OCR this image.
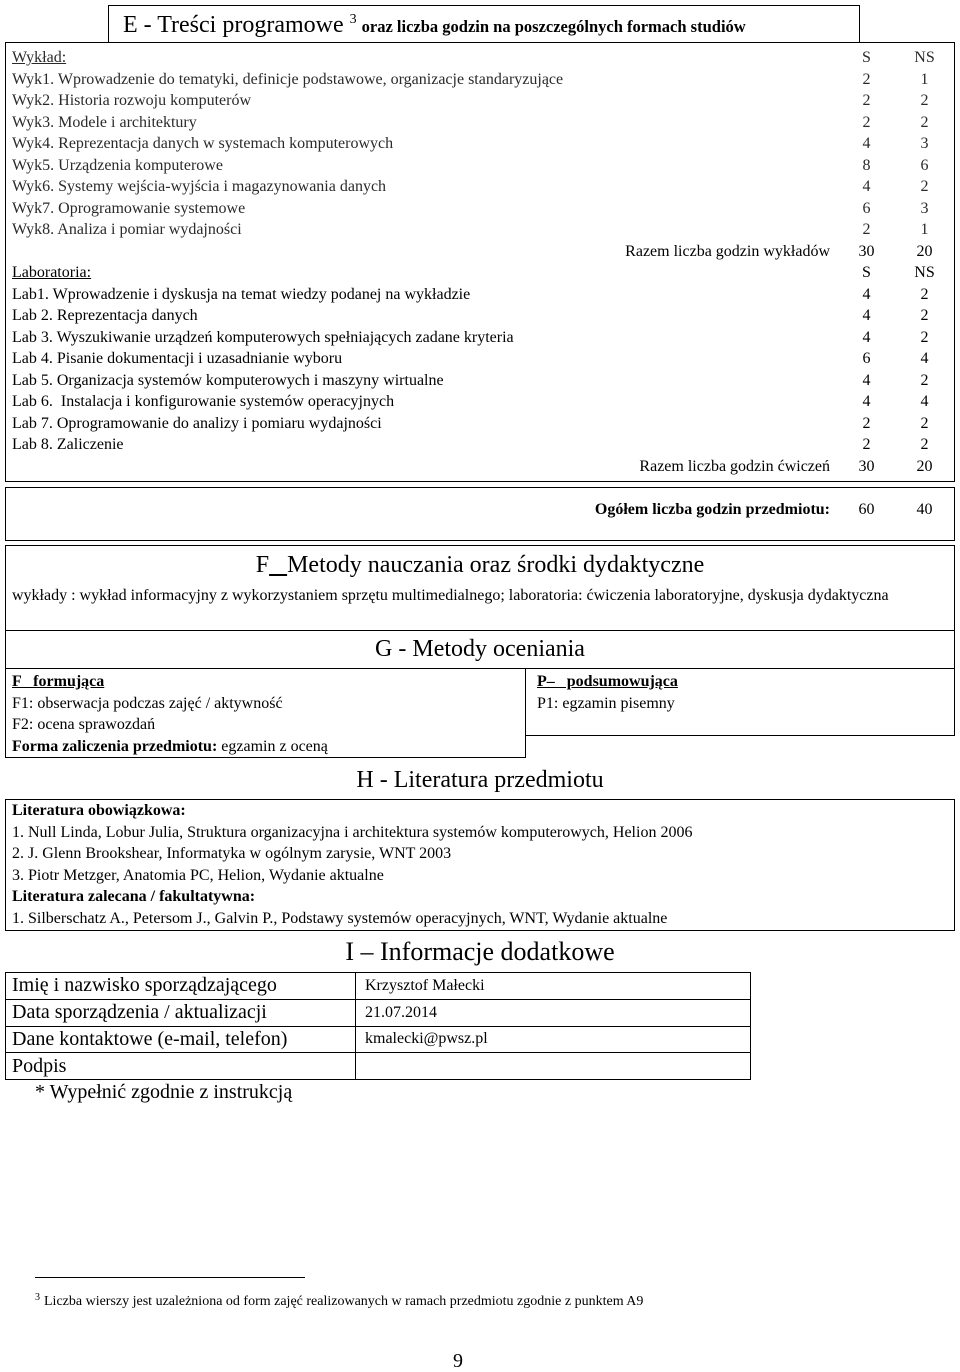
E - Treści programowe 3 oraz liczba godzin na poszczególnych formach studiów
Wykład:	S	NS
Wyk1. Wprowadzenie do tematyki, definicje podstawowe, organizacje standaryzujące	2	1
Wyk2. Historia rozwoju komputerów	2	2
Wyk3. Modele i architektury	2	2
Wyk4. Reprezentacja danych w systemach komputerowych	4	3
Wyk5. Urządzenia komputerowe	8	6
Wyk6. Systemy wejścia-wyjścia i magazynowania danych	4	2
Wyk7. Oprogramowanie systemowe	6	3
Wyk8. Analiza i pomiar wydajności	2	1
Razem liczba godzin wykładów	30	20
Laboratoria:	S	NS
Lab1. Wprowadzenie i dyskusja na temat wiedzy podanej na wykładzie	4	2
Lab 2. Reprezentacja danych	4	2
Lab 3. Wyszukiwanie urządzeń komputerowych spełniających zadane kryteria	4	2
Lab 4. Pisanie dokumentacji i uzasadnianie wyboru	6	4
Lab 5. Organizacja systemów komputerowych i maszyny wirtualne	4	2
Lab 6.  Instalacja i konfigurowanie systemów operacyjnych	4	4
Lab 7. Oprogramowanie do analizy i pomiaru wydajności	2	2
Lab 8. Zaliczenie	2	2
Razem liczba godzin ćwiczeń	30	20
Ogółem liczba godzin przedmiotu:	60	40
F Metody nauczania oraz środki dydaktyczne
wykłady : wykład informacyjny z wykorzystaniem sprzętu multimedialnego; laboratoria: ćwiczenia laboratoryjne, dyskusja dydaktyczna
G - Metody oceniania
F formująca
F1: obserwacja podczas zajęć / aktywność
F2: ocena sprawozdań
Forma zaliczenia przedmiotu: egzamin z oceną
P– podsumowująca
P1: egzamin pisemny
H - Literatura przedmiotu
Literatura obowiązkowa:
1. Null Linda, Lobur Julia, Struktura organizacyjna i architektura systemów komputerowych, Helion 2006
2. J. Glenn Brookshear, Informatyka w ogólnym zarysie, WNT 2003
3. Piotr Metzger, Anatomia PC, Helion, Wydanie aktualne
Literatura zalecana / fakultatywna:
1. Silberschatz A., Petersom J., Galvin P., Podstawy systemów operacyjnych, WNT, Wydanie aktualne
I – Informacje dodatkowe
Imię i nazwisko sporządzającego	Krzysztof Małecki
Data sporządzenia / aktualizacji	21.07.2014
Dane kontaktowe (e-mail, telefon)	kmalecki@pwsz.pl
Podpis	
* Wypełnić zgodnie z instrukcją
$^3$ Liczba wierszy jest uzależniona od form zajęć realizowanych w ramach przedmiotu zgodnie z punktem A9
9
